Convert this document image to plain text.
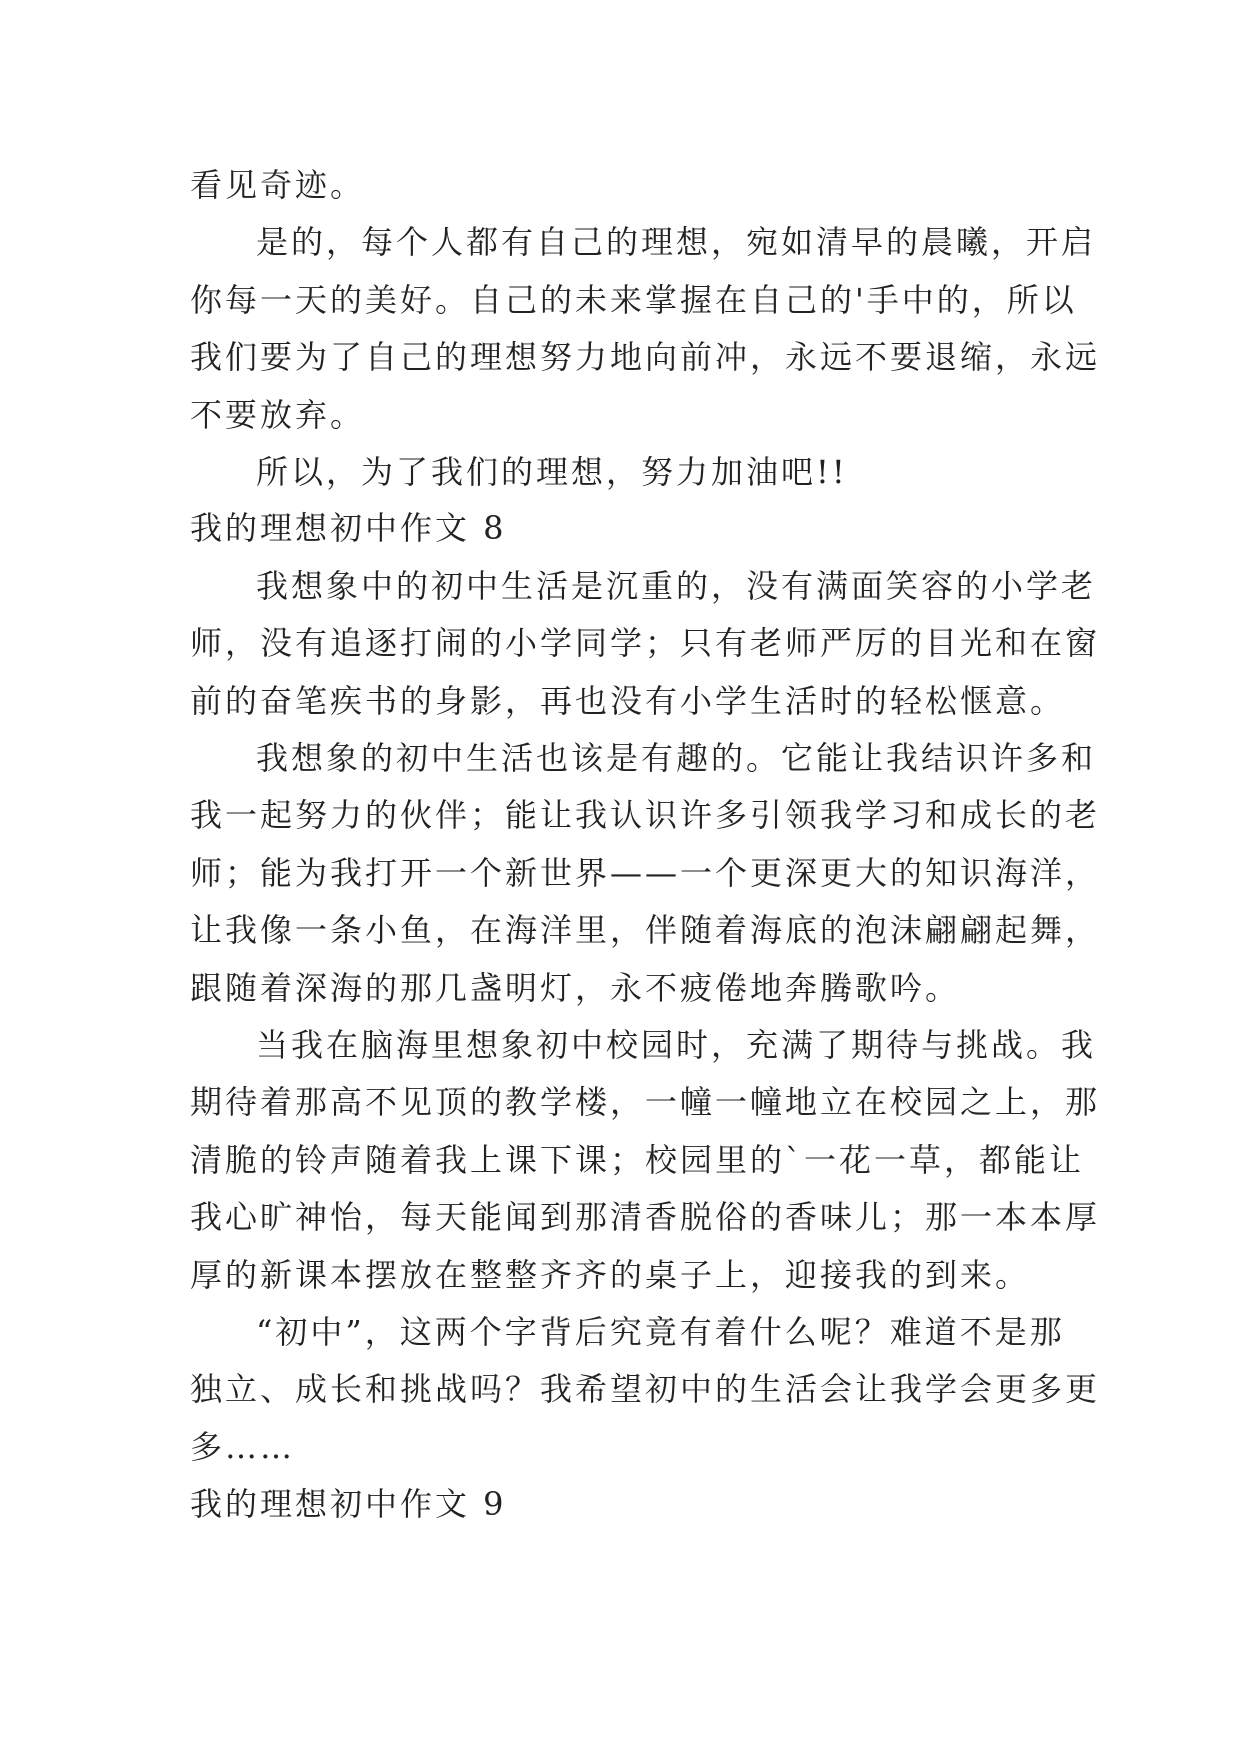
看见奇迹。
是的，每个人都有自己的理想，宛如清早的晨曦，开启
你每一天的美好。自己的未来掌握在自己的'手中的，所以
我们要为了自己的理想努力地向前冲，永远不要退缩，永远
不要放弃。
所以，为了我们的理想，努力加油吧!!
我的理想初中作文 8
我想象中的初中生活是沉重的，没有满面笑容的小学老
师，没有追逐打闹的小学同学；只有老师严厉的目光和在窗
前的奋笔疾书的身影，再也没有小学生活时的轻松惬意。
我想象的初中生活也该是有趣的。它能让我结识许多和
我一起努力的伙伴；能让我认识许多引领我学习和成长的老
师；能为我打开一个新世界——一个更深更大的知识海洋，
让我像一条小鱼，在海洋里，伴随着海底的泡沫翩翩起舞，
跟随着深海的那几盏明灯，永不疲倦地奔腾歌吟。
当我在脑海里想象初中校园时，充满了期待与挑战。我
期待着那高不见顶的教学楼，一幢一幢地立在校园之上，那
清脆的铃声随着我上课下课；校园里的`一花一草，都能让
我心旷神怡，每天能闻到那清香脱俗的香味儿；那一本本厚
厚的新课本摆放在整整齐齐的桌子上，迎接我的到来。
“初中”，这两个字背后究竟有着什么呢？难道不是那
独立、成长和挑战吗？我希望初中的生活会让我学会更多更
多……
我的理想初中作文 9
